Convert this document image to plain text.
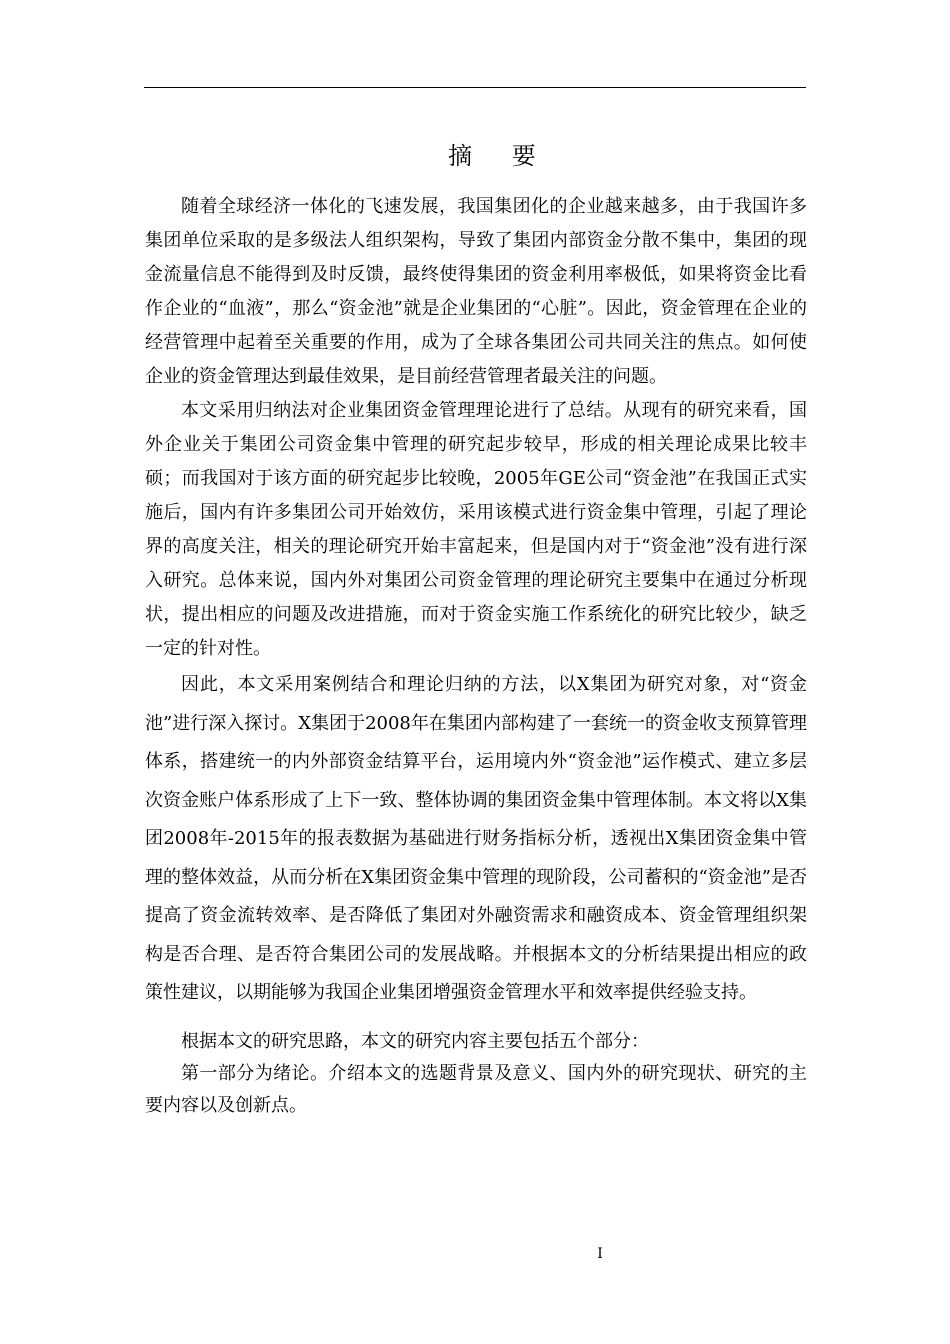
摘 要

随着全球经济一体化的飞速发展，我国集团化的企业越来越多，由于我国许多集团单位采取的是多级法人组织架构，导致了集团内部资金分散不集中，集团的现金流量信息不能得到及时反馈，最终使得集团的资金利用率极低，如果将资金比看作企业的“血液”，那么“资金池”就是企业集团的“心脏”。因此，资金管理在企业的经营管理中起着至关重要的作用，成为了全球各集团公司共同关注的焦点。如何使企业的资金管理达到最佳效果，是目前经营管理者最关注的问题。

本文采用归纳法对企业集团资金管理理论进行了总结。从现有的研究来看，国外企业关于集团公司资金集中管理的研究起步较早，形成的相关理论成果比较丰硕；而我国对于该方面的研究起步比较晚，2005年GE公司“资金池”在我国正式实施后，国内有许多集团公司开始效仿，采用该模式进行资金集中管理，引起了理论界的高度关注，相关的理论研究开始丰富起来，但是国内对于“资金池”没有进行深入研究。总体来说，国内外对集团公司资金管理的理论研究主要集中在通过分析现状，提出相应的问题及改进措施，而对于资金实施工作系统化的研究比较少，缺乏一定的针对性。

因此，本文采用案例结合和理论归纳的方法，以X集团为研究对象，对“资金池”进行深入探讨。X集团于2008年在集团内部构建了一套统一的资金收支预算管理体系，搭建统一的内外部资金结算平台，运用境内外“资金池”运作模式、建立多层次资金账户体系形成了上下一致、整体协调的集团资金集中管理体制。本文将以X集团2008年-2015年的报表数据为基础进行财务指标分析，透视出X集团资金集中管理的整体效益，从而分析在X集团资金集中管理的现阶段，公司蓄积的“资金池”是否提高了资金流转效率、是否降低了集团对外融资需求和融资成本、资金管理组织架构是否合理、是否符合集团公司的发展战略。并根据本文的分析结果提出相应的政策性建议，以期能够为我国企业集团增强资金管理水平和效率提供经验支持。

根据本文的研究思路，本文的研究内容主要包括五个部分：

第一部分为绪论。介绍本文的选题背景及意义、国内外的研究现状、研究的主要内容以及创新点。

I
